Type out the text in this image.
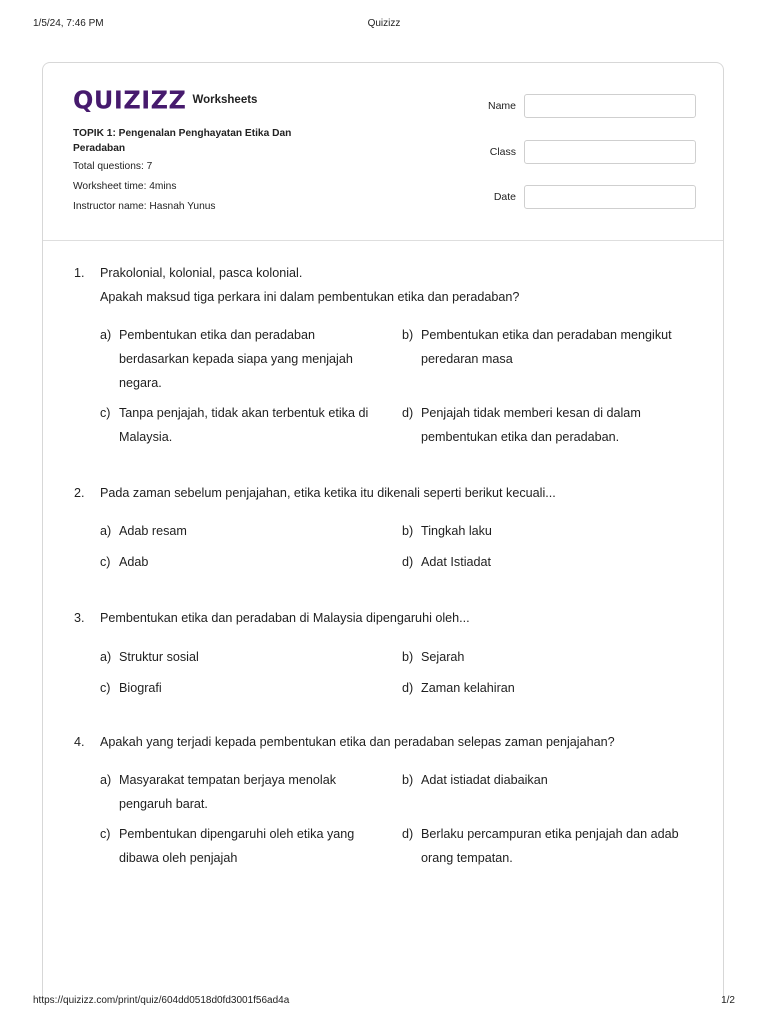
1/5/24, 7:46 PM	Quizizz
QUIZIZZ Worksheets
TOPIK 1: Pengenalan Penghayatan Etika Dan Peradaban
Total questions: 7
Worksheet time: 4mins
Instructor name: Hasnah Yunus
Name
Class
Date
1. Prakolonial, kolonial, pasca kolonial.
Apakah maksud tiga perkara ini dalam pembentukan etika dan peradaban?
a) Pembentukan etika dan peradaban berdasarkan kepada siapa yang menjajah negara.
b) Pembentukan etika dan peradaban mengikut peredaran masa
c) Tanpa penjajah, tidak akan terbentuk etika di Malaysia.
d) Penjajah tidak memberi kesan di dalam pembentukan etika dan peradaban.
2. Pada zaman sebelum penjajahan, etika ketika itu dikenali seperti berikut kecuali...
a) Adab resam	b) Tingkah laku
c) Adab	d) Adat Istiadat
3. Pembentukan etika dan peradaban di Malaysia dipengaruhi oleh...
a) Struktur sosial	b) Sejarah
c) Biografi	d) Zaman kelahiran
4. Apakah yang terjadi kepada pembentukan etika dan peradaban selepas zaman penjajahan?
a) Masyarakat tempatan berjaya menolak pengaruh barat.
b) Adat istiadat diabaikan
c) Pembentukan dipengaruhi oleh etika yang dibawa oleh penjajah
d) Berlaku percampuran etika penjajah dan adab orang tempatan.
https://quizizz.com/print/quiz/604dd0518d0fd3001f56ad4a	1/2
